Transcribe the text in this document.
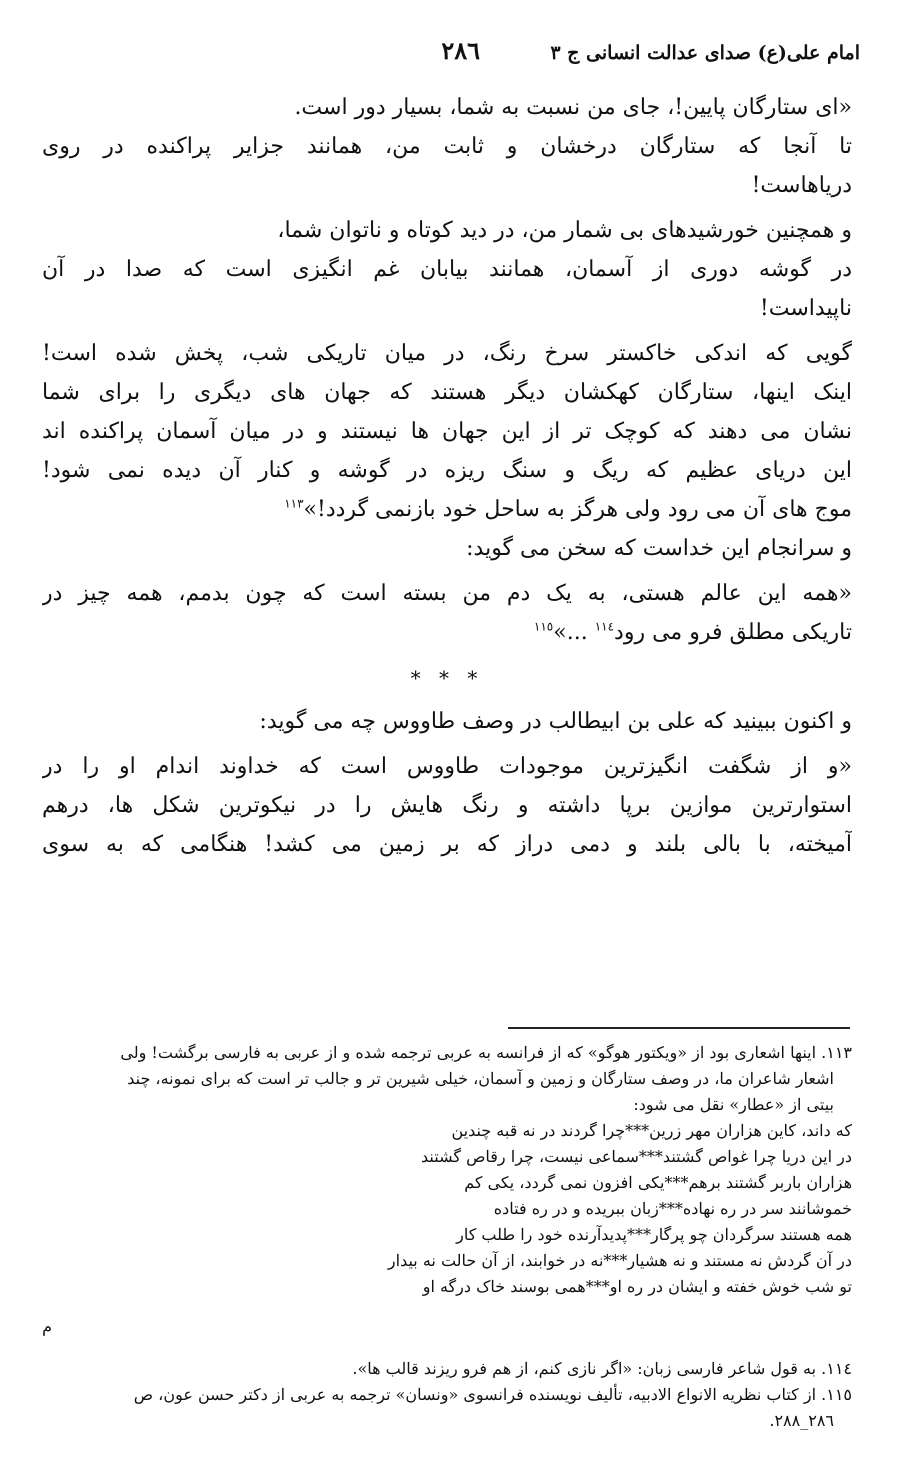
امام علی(ع) صدای عدالت انسانی ج ٣
٢٨٦
«ای ستارگان پایین!، جای من نسبت به شما، بسیار دور است.
تا آنجا که ستارگان درخشان و ثابت من، همانند جزایر پراکنده در روی
دریاهاست!
و همچنین خورشیدهای بی شمار من، در دید کوتاه و ناتوان شما،
در گوشه دوری از آسمان، همانند بیابان غم انگیزی است که صدا در آن
ناپیداست!
گویی که اندکی خاکستر سرخ رنگ، در میان تاریکی شب، پخش شده است!
اینک اینها، ستارگان کهکشان دیگر هستند که جهان های دیگری را برای شما
نشان می دهند که کوچک تر از این جهان ها نیستند و در میان آسمان پراکنده اند
این دریای عظیم که ریگ و سنگ ریزه در گوشه و کنار آن دیده نمی شود!
موج های آن می رود ولی هرگز به ساحل خود بازنمی گردد!»$^{١١٣}$
و سرانجام این خداست که سخن می گوید:
«همه این عالم هستی، به یک دم من بسته است که چون بدمم، همه چیز در
تاریکی مطلق فرو می رود$^{١١٤}$ ...»$^{١١٥}$
* * *
و اکنون ببینید که علی بن ابیطالب در وصف طاووس چه می گوید:
«و از شگفت انگیزترین موجودات طاووس است که خداوند اندام او را در
استوارترین موازین برپا داشته و رنگ هایش را در نیکوترین شکل ها، درهم
آمیخته، با بالی بلند و دمی دراز که بر زمین می کشد! هنگامی که به سوی
١١٣. اینها اشعاری بود از «ویکتور هوگو» که از فرانسه به عربی ترجمه شده و از عربی به فارسی برگشت! ولی
اشعار شاعران ما، در وصف ستارگان و زمین و آسمان، خیلی شیرین تر و جالب تر است که برای نمونه، چند
بیتی از «عطار» نقل می شود:
که داند، کاین هزاران مهر زرین***چرا گردند در نه قبه چندین
در این دریا چرا غواص گشتند***سماعی نیست، چرا رقاص گشتند
هزاران باربر گشتند برهم***یکی افزون نمی گردد، یکی کم
خموشانند سر در ره نهاده***زبان ببریده و در ره فتاده
همه هستند سرگردان چو پرگار***پدیدآرنده خود را طلب کار
در آن گردش نه مستند و نه هشیار***نه در خوابند، از آن حالت نه بیدار
تو شب خوش خفته و ایشان در ره او***همی بوسند خاک درگه او
م
١١٤. به قول شاعر فارسی زبان: «اگر نازی کنم، از هم فرو ریزند قالب ها».
١١٥. از کتاب نظریه الانواع الادبیه، تألیف نویسنده فرانسوی «ونسان» ترجمه به عربی از دکتر حسن عون، ص
٢٨٦_٢٨٨.
